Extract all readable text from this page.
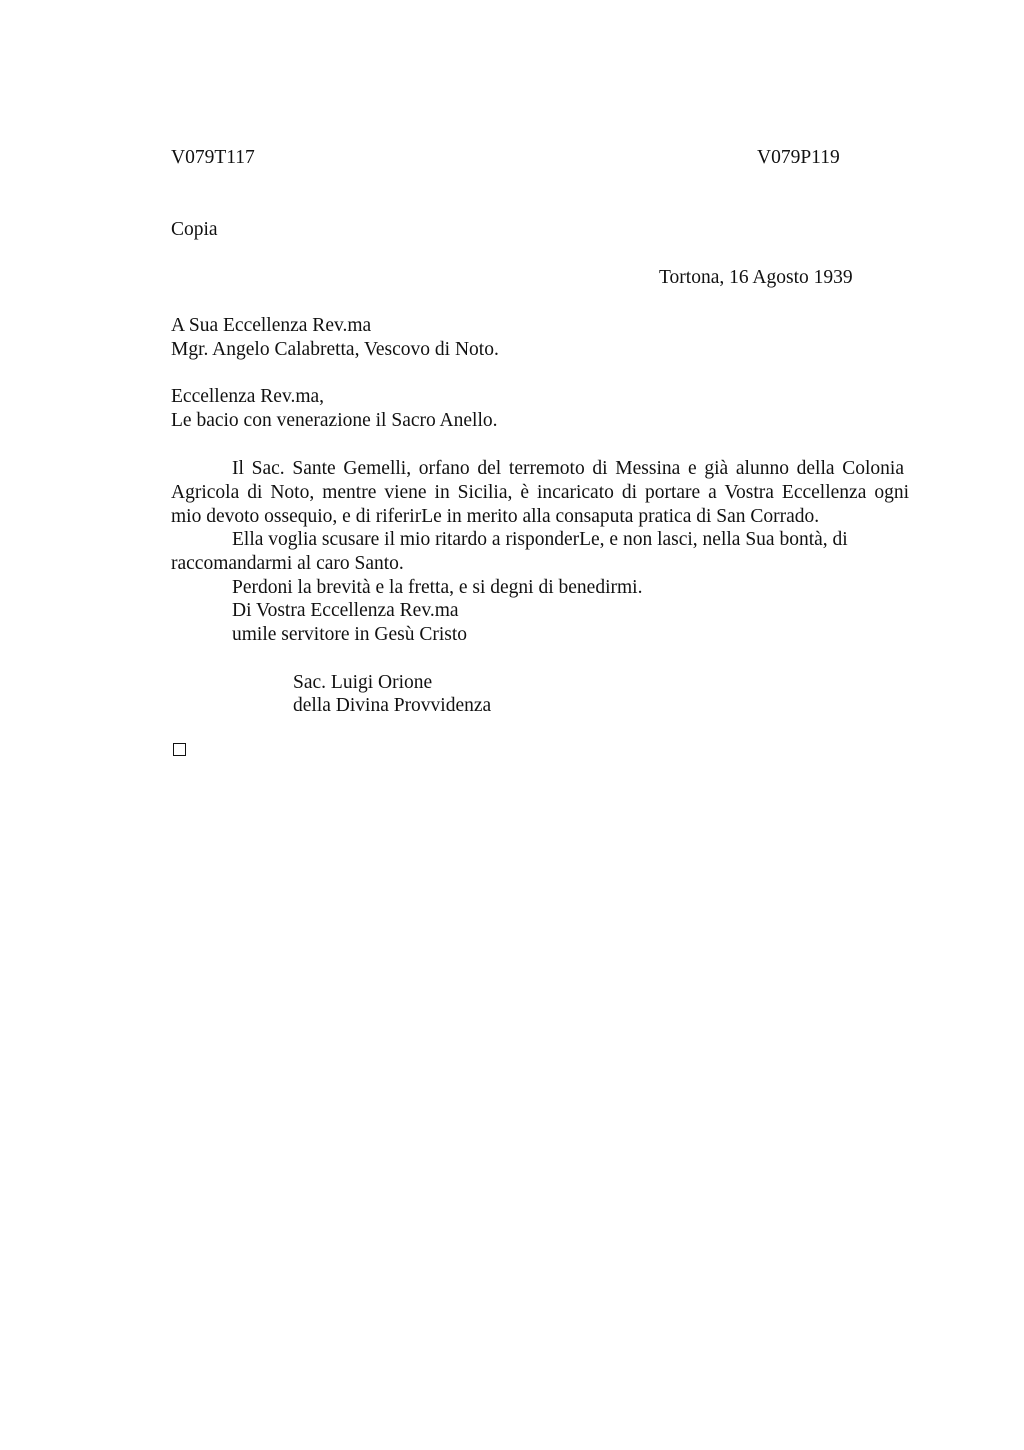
V079T117	V079P119
Copia
Tortona, 16 Agosto 1939
A Sua Eccellenza Rev.ma
Mgr. Angelo Calabretta, Vescovo di Noto.
Eccellenza Rev.ma,
Le bacio con venerazione il Sacro Anello.
Il Sac. Sante Gemelli, orfano del terremoto di Messina e già alunno della Colonia
Agricola di Noto, mentre viene in Sicilia, è incaricato di portare a Vostra Eccellenza ogni
mio devoto ossequio, e di riferirLe in merito alla consaputa pratica di San Corrado.
Ella voglia scusare il mio ritardo a risponderLe, e non lasci, nella Sua bontà, di
raccomandarmi al caro Santo.
Perdoni la brevità e la fretta, e si degni di benedirmi.
Di Vostra Eccellenza Rev.ma
umile servitore in Gesù Cristo
Sac. Luigi Orione
della Divina Provvidenza
